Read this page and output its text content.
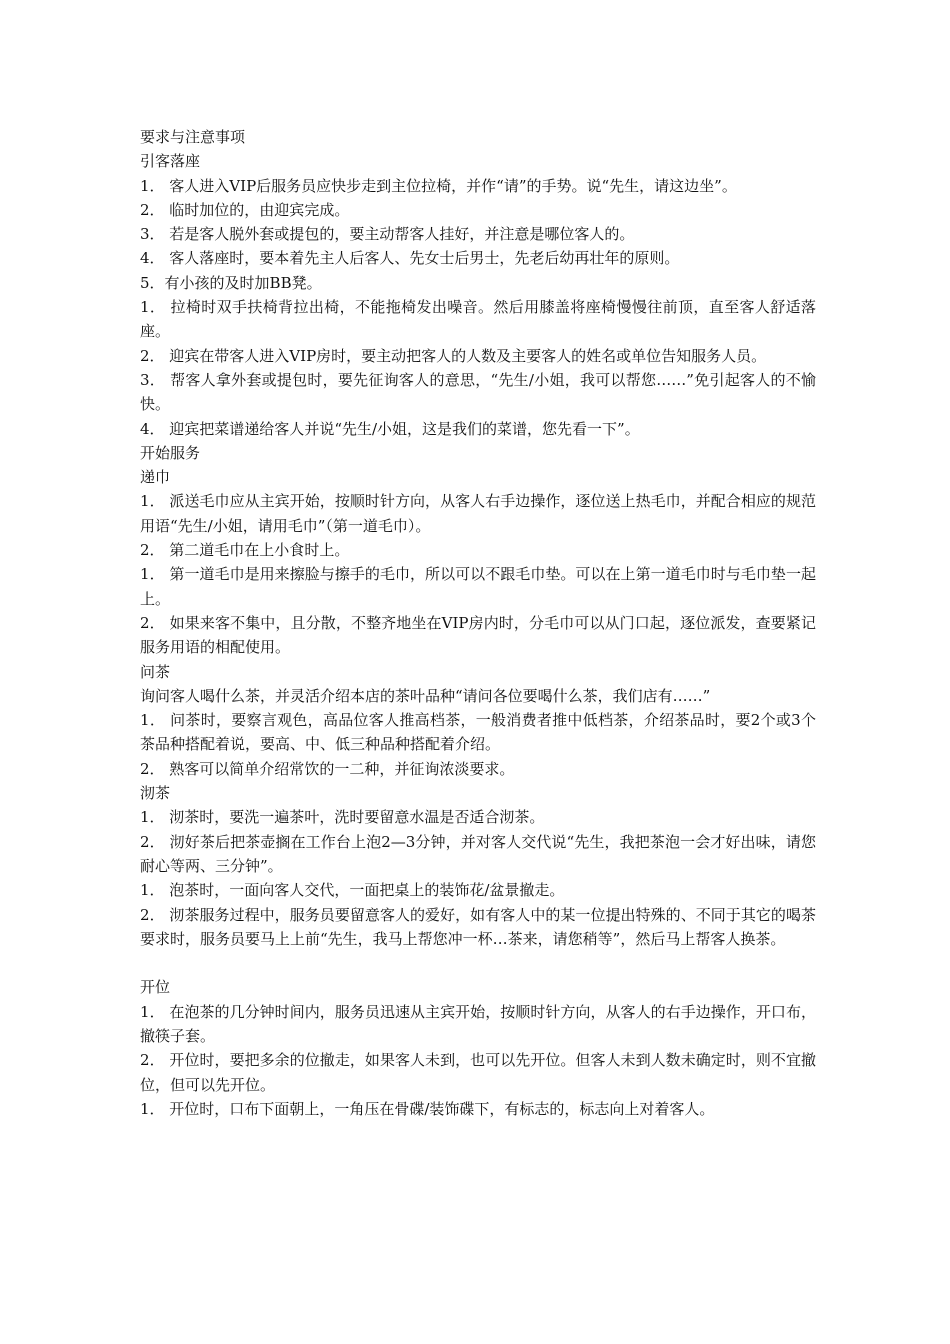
要求与注意事项
引客落座
1． 客人进入VIP后服务员应快步走到主位拉椅，并作“请”的手势。说“先生，请这边坐”。
2． 临时加位的，由迎宾完成。
3． 若是客人脱外套或提包的，要主动帮客人挂好，并注意是哪位客人的。
4． 客人落座时，要本着先主人后客人、先女士后男士，先老后幼再壮年的原则。
5．有小孩的及时加BB凳。
1． 拉椅时双手扶椅背拉出椅，不能拖椅发出噪音。然后用膝盖将座椅慢慢往前顶，直至客人舒适落座。
2． 迎宾在带客人进入VIP房时，要主动把客人的人数及主要客人的姓名或单位告知服务人员。
3． 帮客人拿外套或提包时，要先征询客人的意思，“先生/小姐，我可以帮您……”免引起客人的不愉快。
4． 迎宾把菜谱递给客人并说“先生/小姐，这是我们的菜谱，您先看一下”。
开始服务
递巾
1． 派送毛巾应从主宾开始，按顺时针方向，从客人右手边操作，逐位送上热毛巾，并配合相应的规范用语“先生/小姐，请用毛巾”（第一道毛巾）。
2． 第二道毛巾在上小食时上。
1． 第一道毛巾是用来擦脸与擦手的毛巾，所以可以不跟毛巾垫。可以在上第一道毛巾时与毛巾垫一起上。
2． 如果来客不集中，且分散，不整齐地坐在VIP房内时，分毛巾可以从门口起，逐位派发，查要紧记服务用语的相配使用。
问茶
询问客人喝什么茶，并灵活介绍本店的茶叶品种“请问各位要喝什么茶，我们店有……”
1． 问茶时，要察言观色，高品位客人推高档茶，一般消费者推中低档茶，介绍茶品时，要2个或3个茶品种搭配着说，要高、中、低三种品种搭配着介绍。
2． 熟客可以简单介绍常饮的一二种，并征询浓淡要求。
沏茶
1． 沏茶时，要洗一遍茶叶，洗时要留意水温是否适合沏茶。
2． 沏好茶后把茶壶搁在工作台上泡2—3分钟，并对客人交代说“先生，我把茶泡一会才好出味，请您耐心等两、三分钟”。
1． 泡茶时，一面向客人交代，一面把桌上的装饰花/盆景撤走。
2． 沏茶服务过程中，服务员要留意客人的爱好，如有客人中的某一位提出特殊的、不同于其它的喝茶要求时，服务员要马上上前“先生，我马上帮您冲一杯…茶来，请您稍等”，然后马上帮客人换茶。
开位
1． 在泡茶的几分钟时间内，服务员迅速从主宾开始，按顺时针方向，从客人的右手边操作，开口布，撤筷子套。
2． 开位时，要把多余的位撤走，如果客人未到，也可以先开位。但客人未到人数未确定时，则不宜撤位，但可以先开位。
1． 开位时，口布下面朝上，一角压在骨碟/装饰碟下，有标志的，标志向上对着客人。
